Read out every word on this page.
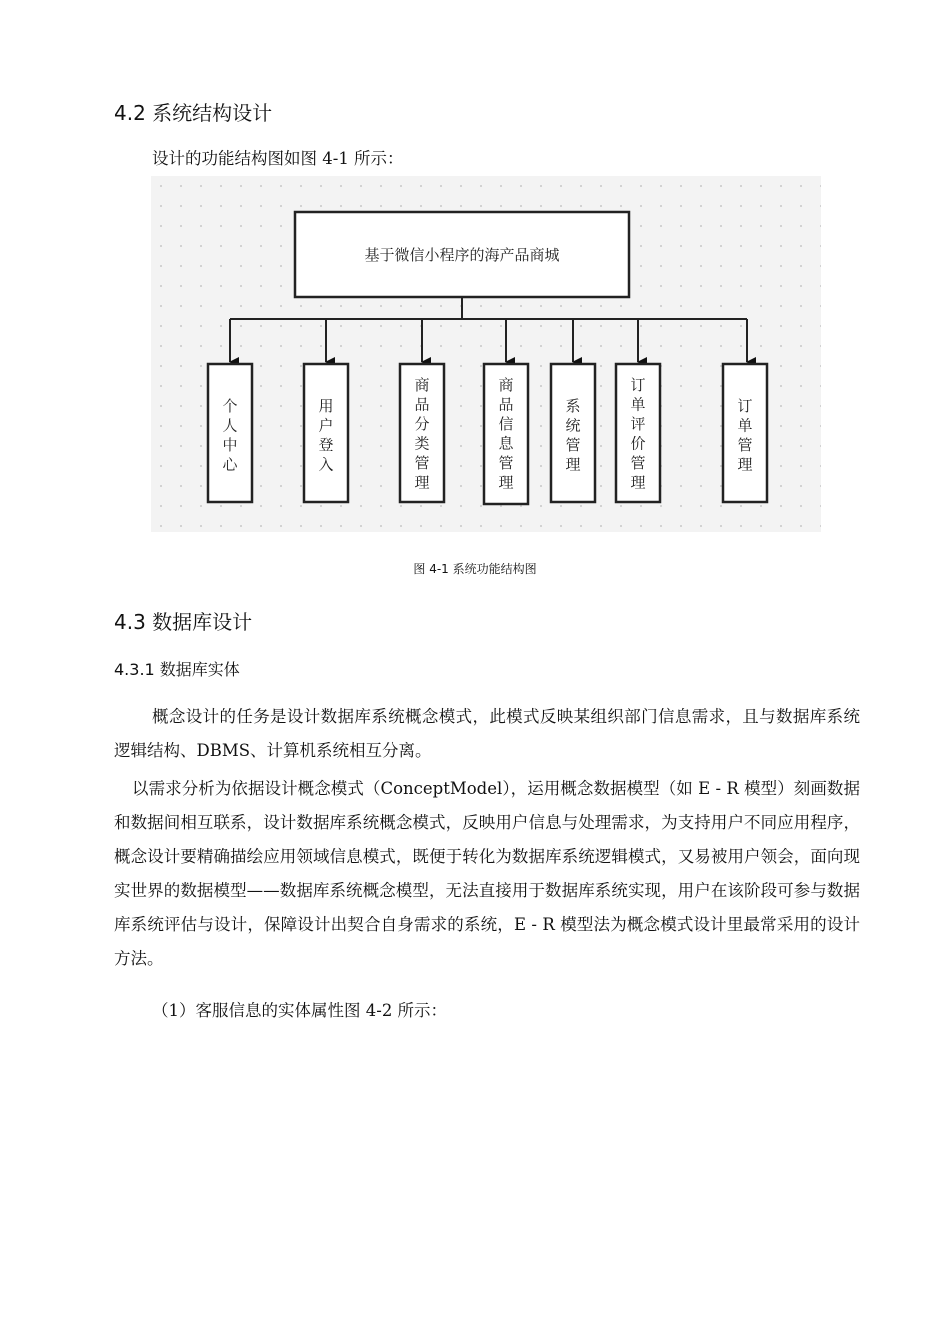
4.2 系统结构设计

设计的功能结构图如图 4-1 所示：

基于微信小程序的海产品商城
个人中心
用户登入
商品分类管理
商品信息管理
系统管理
订单评价管理
订单管理
图 4-1 系统功能结构图
4.3 数据库设计
4.3.1 数据库实体

概念设计的任务是设计数据库系统概念模式，此模式反映某组织部门信息需求，且与数据库系统逻辑结构、DBMS、计算机系统相互分离。

以需求分析为依据设计概念模式（ConceptModel），运用概念数据模型（如 E - R 模型）刻画数据和数据间相互联系，设计数据库系统概念模式，反映用户信息与处理需求，为支持用户不同应用程序，概念设计要精确描绘应用领域信息模式，既便于转化为数据库系统逻辑模式，又易被用户领会，面向现实世界的数据模型——数据库系统概念模型，无法直接用于数据库系统实现，用户在该阶段可参与数据库系统评估与设计，保障设计出契合自身需求的系统，E - R 模型法为概念模式设计里最常采用的设计方法。

（1）客服信息的实体属性图 4-2 所示：
